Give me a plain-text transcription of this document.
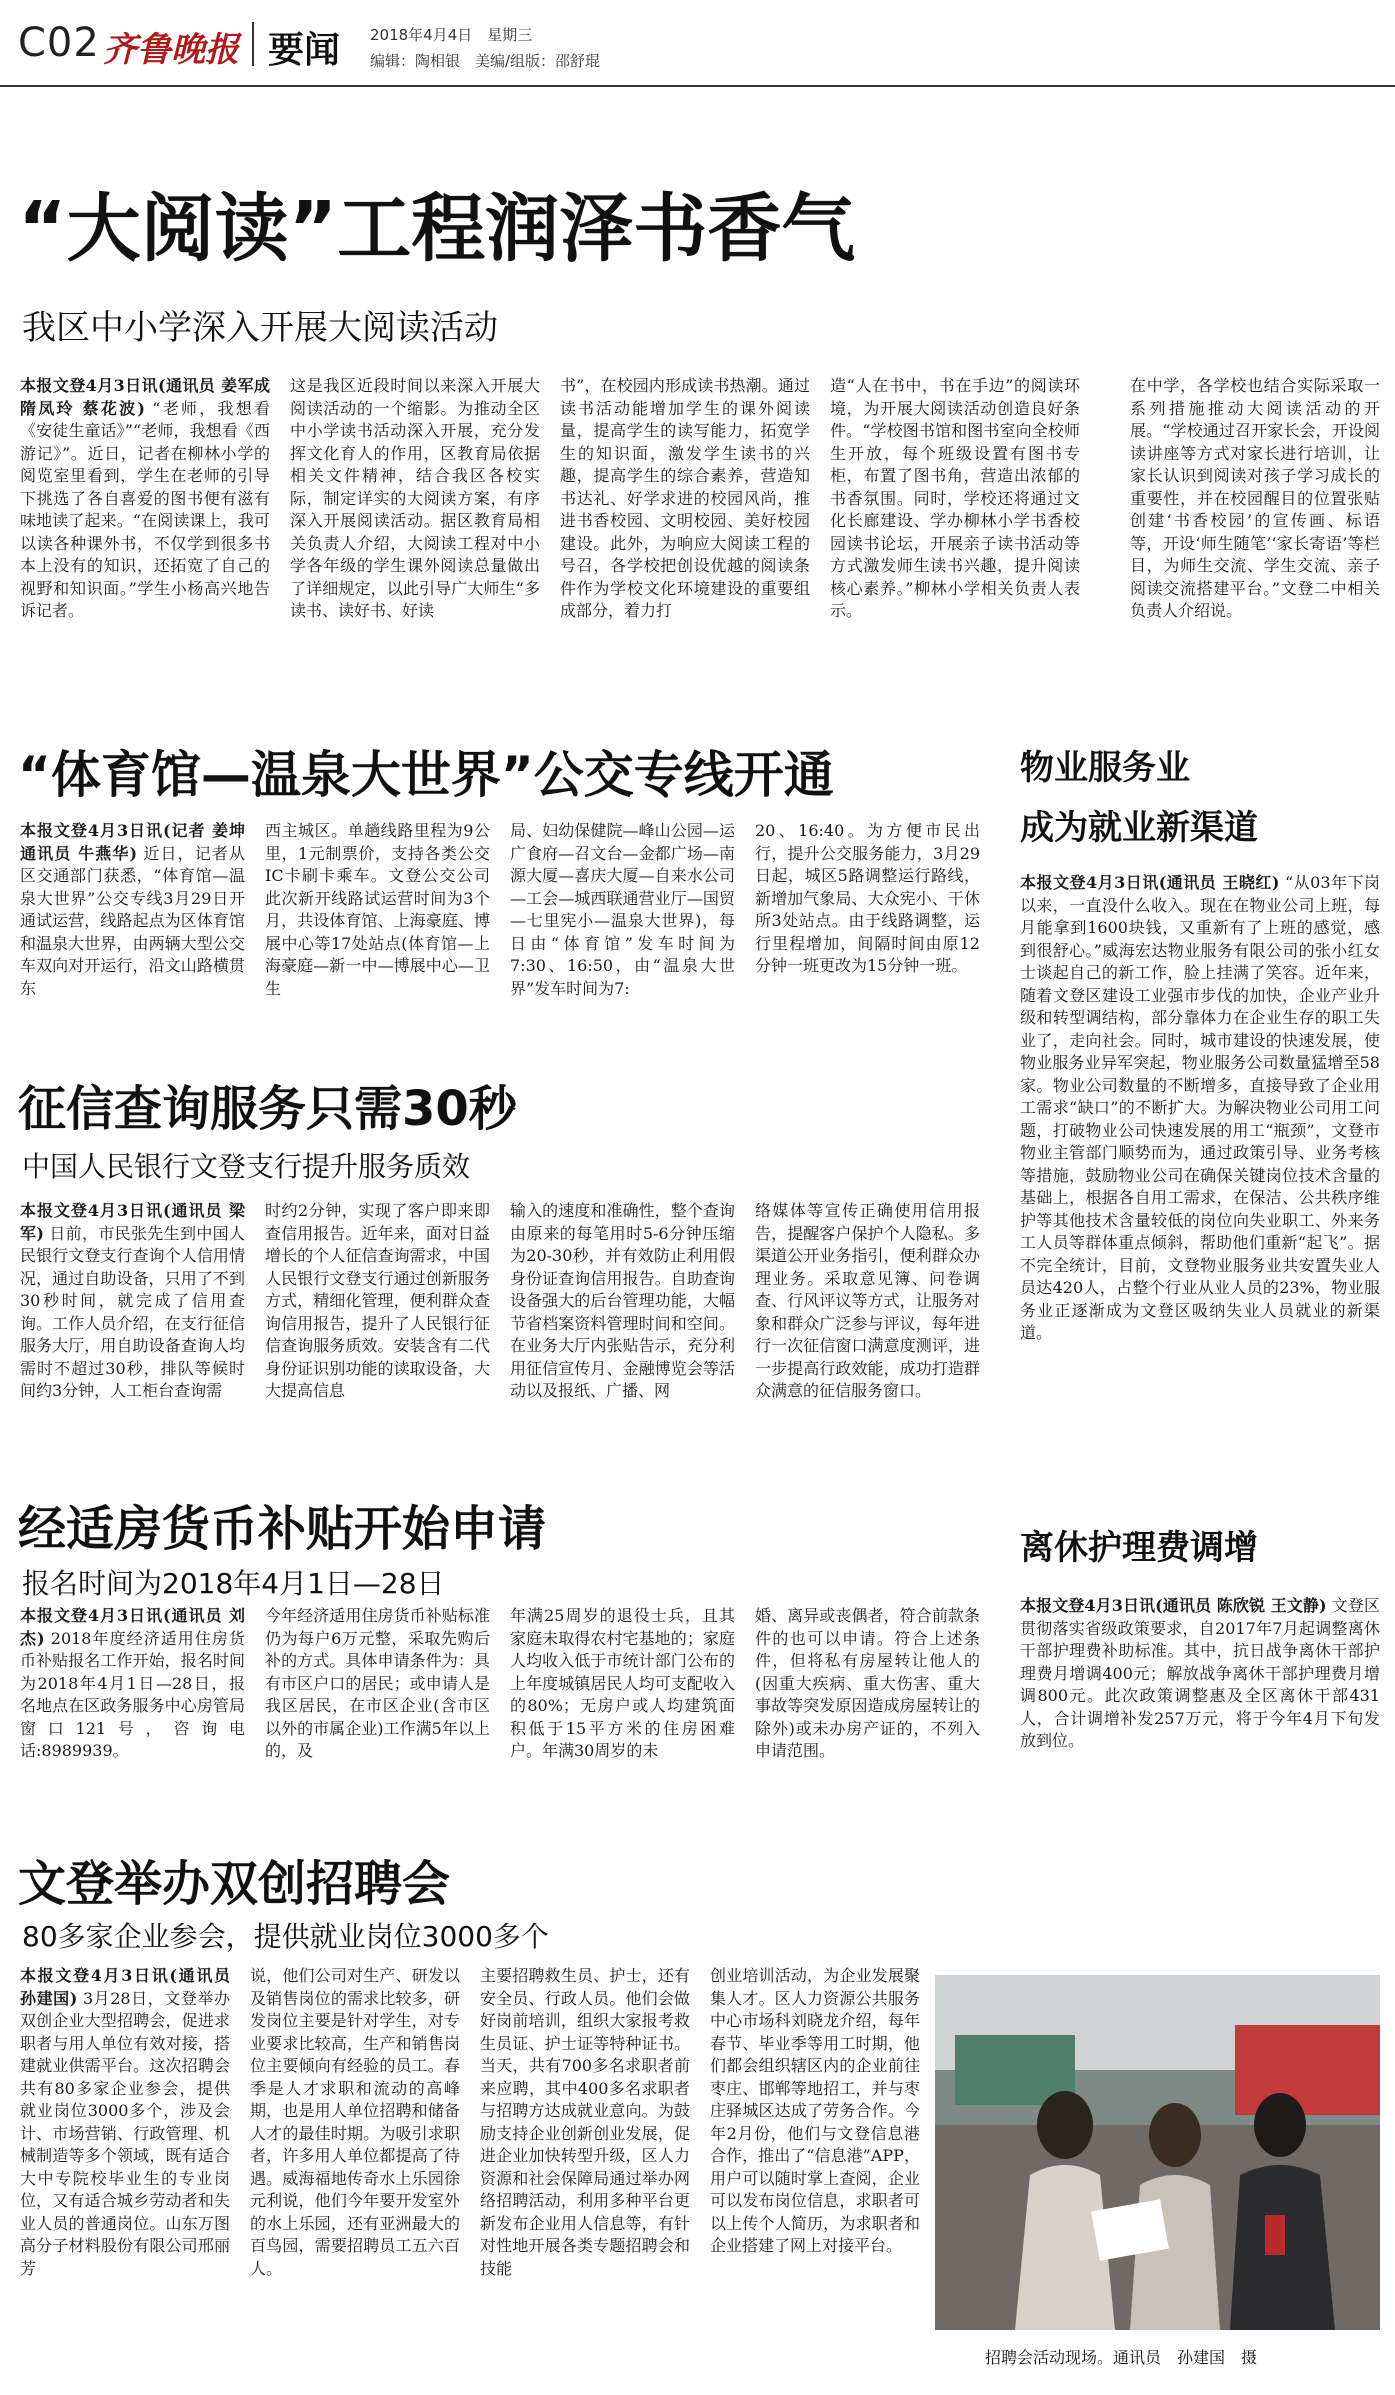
C02 齐鲁晚报 要闻 2018年4月4日　星期三
编辑：陶相银　美编/组版：邵舒琨
“大阅读”工程润泽书香气
我区中小学深入开展大阅读活动
本报文登4月3日讯(通讯员 姜军成 隋凤玲 蔡花波) “老师，我想看《安徒生童话》”“老师，我想看《西游记》”。近日，记者在柳林小学的阅览室里看到，学生在老师的引导下挑选了各自喜爱的图书便有滋有味地读了起来。“在阅读课上，我可以读各种课外书，不仅学到很多书本上没有的知识，还拓宽了自己的视野和知识面。”学生小杨高兴地告诉记者。
这是我区近段时间以来深入开展大阅读活动的一个缩影。为推动全区中小学读书活动深入开展，充分发挥文化育人的作用，区教育局依据相关文件精神，结合我区各校实际，制定详实的大阅读方案，有序深入开展阅读活动。据区教育局相关负责人介绍，大阅读工程对中小学各年级的学生课外阅读总量做出了详细规定，以此引导广大师生“多读书、读好书、好读
书”，在校园内形成读书热潮。通过读书活动能增加学生的课外阅读量，提高学生的读写能力，拓宽学生的知识面，激发学生读书的兴趣，提高学生的综合素养，营造知书达礼、好学求进的校园风尚，推进书香校园、文明校园、美好校园建设。此外，为响应大阅读工程的号召，各学校把创设优越的阅读条件作为学校文化环境建设的重要组成部分，着力打
造“人在书中，书在手边”的阅读环境，为开展大阅读活动创造良好条件。“学校图书馆和图书室向全校师生开放，每个班级设置有图书专柜，布置了图书角，营造出浓郁的书香氛围。同时，学校还将通过文化长廊建设、学办柳林小学书香校园读书论坛，开展亲子读书活动等方式激发师生读书兴趣，提升阅读核心素养。”柳林小学相关负责人表示。
在中学，各学校也结合实际采取一系列措施推动大阅读活动的开展。“学校通过召开家长会，开设阅读讲座等方式对家长进行培训，让家长认识到阅读对孩子学习成长的重要性，并在校园醒目的位置张贴创建‘书香校园’的宣传画、标语等，开设‘师生随笔’‘家长寄语’等栏目，为师生交流、学生交流、亲子阅读交流搭建平台。”文登二中相关负责人介绍说。
“体育馆—温泉大世界”公交专线开通
本报文登4月3日讯(记者 姜坤 通讯员 牛燕华) 近日，记者从区交通部门获悉，“体育馆—温泉大世界”公交专线3月29日开通试运营，线路起点为区体育馆和温泉大世界，由两辆大型公交车双向对开运行，沿文山路横贯东
西主城区。单趟线路里程为9公里，1元制票价，支持各类公交IC卡刷卡乘车。文登公交公司此次新开线路试运营时间为3个月，共设体育馆、上海豪庭、博展中心等17处站点(体育馆—上海豪庭—新一中—博展中心—卫生
局、妇幼保健院—峰山公园—运广食府—召文台—金都广场—南源大厦—喜庆大厦—自来水公司—工会—城西联通营业厅—国贸—七里宪小—温泉大世界)，每日由“体育馆”发车时间为7:30、16:50，由“温泉大世界”发车时间为7:
20、16:40。为方便市民出行，提升公交服务能力，3月29日起，城区5路调整运行路线，新增加气象局、大众宪小、干休所3处站点。由于线路调整，运行里程增加，间隔时间由原12分钟一班更改为15分钟一班。
物业服务业
成为就业新渠道
本报文登4月3日讯(通讯员 王晓红) “从03年下岗以来，一直没什么收入。现在在物业公司上班，每月能拿到1600块钱，又重新有了上班的感觉，感到很舒心。”威海宏达物业服务有限公司的张小红女士谈起自己的新工作，脸上挂满了笑容。近年来，随着文登区建设工业强市步伐的加快，企业产业升级和转型调结构，部分靠体力在企业生存的职工失业了，走向社会。同时，城市建设的快速发展，使物业服务业异军突起，物业服务公司数量猛增至58家。物业公司数量的不断增多，直接导致了企业用工需求“缺口”的不断扩大。为解决物业公司用工问题，打破物业公司快速发展的用工“瓶颈”，文登市物业主管部门顺势而为，通过政策引导、业务考核等措施，鼓励物业公司在确保关键岗位技术含量的基础上，根据各自用工需求，在保洁、公共秩序维护等其他技术含量较低的岗位向失业职工、外来务工人员等群体重点倾斜，帮助他们重新“起飞”。据不完全统计，目前，文登物业服务业共安置失业人员达420人，占整个行业从业人员的23%，物业服务业正逐渐成为文登区吸纳失业人员就业的新渠道。
征信查询服务只需30秒
中国人民银行文登支行提升服务质效
本报文登4月3日讯(通讯员 梁军) 日前，市民张先生到中国人民银行文登支行查询个人信用情况，通过自助设备，只用了不到30秒时间，就完成了信用查询。工作人员介绍，在支行征信服务大厅，用自助设备查询人均需时不超过30秒，排队等候时间约3分钟，人工柜台查询需
时约2分钟，实现了客户即来即查信用报告。近年来，面对日益增长的个人征信查询需求，中国人民银行文登支行通过创新服务方式，精细化管理，便利群众查询信用报告，提升了人民银行征信查询服务质效。安装含有二代身份证识别功能的读取设备，大大提高信息
输入的速度和准确性，整个查询由原来的每笔用时5-6分钟压缩为20-30秒，并有效防止利用假身份证查询信用报告。自助查询设备强大的后台管理功能，大幅节省档案资料管理时间和空间。在业务大厅内张贴告示，充分利用征信宣传月、金融博览会等活动以及报纸、广播、网
络媒体等宣传正确使用信用报告，提醒客户保护个人隐私。多渠道公开业务指引，便利群众办理业务。采取意见簿、问卷调查、行风评议等方式，让服务对象和群众广泛参与评议，每年进行一次征信窗口满意度测评，进一步提高行政效能，成功打造群众满意的征信服务窗口。
离休护理费调增
本报文登4月3日讯(通讯员 陈欣锐 王文静) 文登区贯彻落实省级政策要求，自2017年7月起调整离休干部护理费补助标准。其中，抗日战争离休干部护理费月增调400元；解放战争离休干部护理费月增调800元。此次政策调整惠及全区离休干部431人，合计调增补发257万元，将于今年4月下旬发放到位。
经适房货币补贴开始申请
报名时间为2018年4月1日—28日
本报文登4月3日讯(通讯员 刘杰) 2018年度经济适用住房货币补贴报名工作开始，报名时间为2018年4月1日—28日，报名地点在区政务服务中心房管局窗口121号，咨询电话:8989939。
今年经济适用住房货币补贴标准仍为每户6万元整，采取先购后补的方式。具体申请条件为：具有市区户口的居民；或申请人是我区居民，在市区企业(含市区以外的市属企业)工作满5年以上的，及
年满25周岁的退役士兵，且其家庭未取得农村宅基地的；家庭人均收入低于市统计部门公布的上年度城镇居民人均可支配收入的80%；无房户或人均建筑面积低于15平方米的住房困难户。年满30周岁的未
婚、离异或丧偶者，符合前款条件的也可以申请。符合上述条件，但将私有房屋转让他人的(因重大疾病、重大伤害、重大事故等突发原因造成房屋转让的除外)或未办房产证的，不列入申请范围。
文登举办双创招聘会
80多家企业参会，提供就业岗位3000多个
本报文登4月3日讯(通讯员 孙建国) 3月28日，文登举办双创企业大型招聘会，促进求职者与用人单位有效对接，搭建就业供需平台。这次招聘会共有80多家企业参会，提供就业岗位3000多个，涉及会计、市场营销、行政管理、机械制造等多个领域，既有适合大中专院校毕业生的专业岗位，又有适合城乡劳动者和失业人员的普通岗位。山东万图高分子材料股份有限公司邢丽芳
说，他们公司对生产、研发以及销售岗位的需求比较多，研发岗位主要是针对学生，对专业要求比较高，生产和销售岗位主要倾向有经验的员工。春季是人才求职和流动的高峰期，也是用人单位招聘和储备人才的最佳时期。为吸引求职者，许多用人单位都提高了待遇。威海福地传奇水上乐园徐元利说，他们今年要开发室外的水上乐园，还有亚洲最大的百鸟园，需要招聘员工五六百人。
主要招聘救生员、护士，还有安全员、行政人员。他们会做好岗前培训，组织大家报考救生员证、护士证等特种证书。当天，共有700多名求职者前来应聘，其中400多名求职者与招聘方达成就业意向。为鼓励支持企业创新创业发展，促进企业加快转型升级，区人力资源和社会保障局通过举办网络招聘活动，利用多种平台更新发布企业用人信息等，有针对性地开展各类专题招聘会和技能
创业培训活动，为企业发展聚集人才。区人力资源公共服务中心市场科刘晓龙介绍，每年春节、毕业季等用工时期，他们都会组织辖区内的企业前往枣庄、邯郸等地招工，并与枣庄驿城区达成了劳务合作。今年2月份，他们与文登信息港合作，推出了“信息港”APP，用户可以随时掌上查阅，企业可以发布岗位信息，求职者可以上传个人简历，为求职者和企业搭建了网上对接平台。
招聘会活动现场。通讯员　孙建国　摄
